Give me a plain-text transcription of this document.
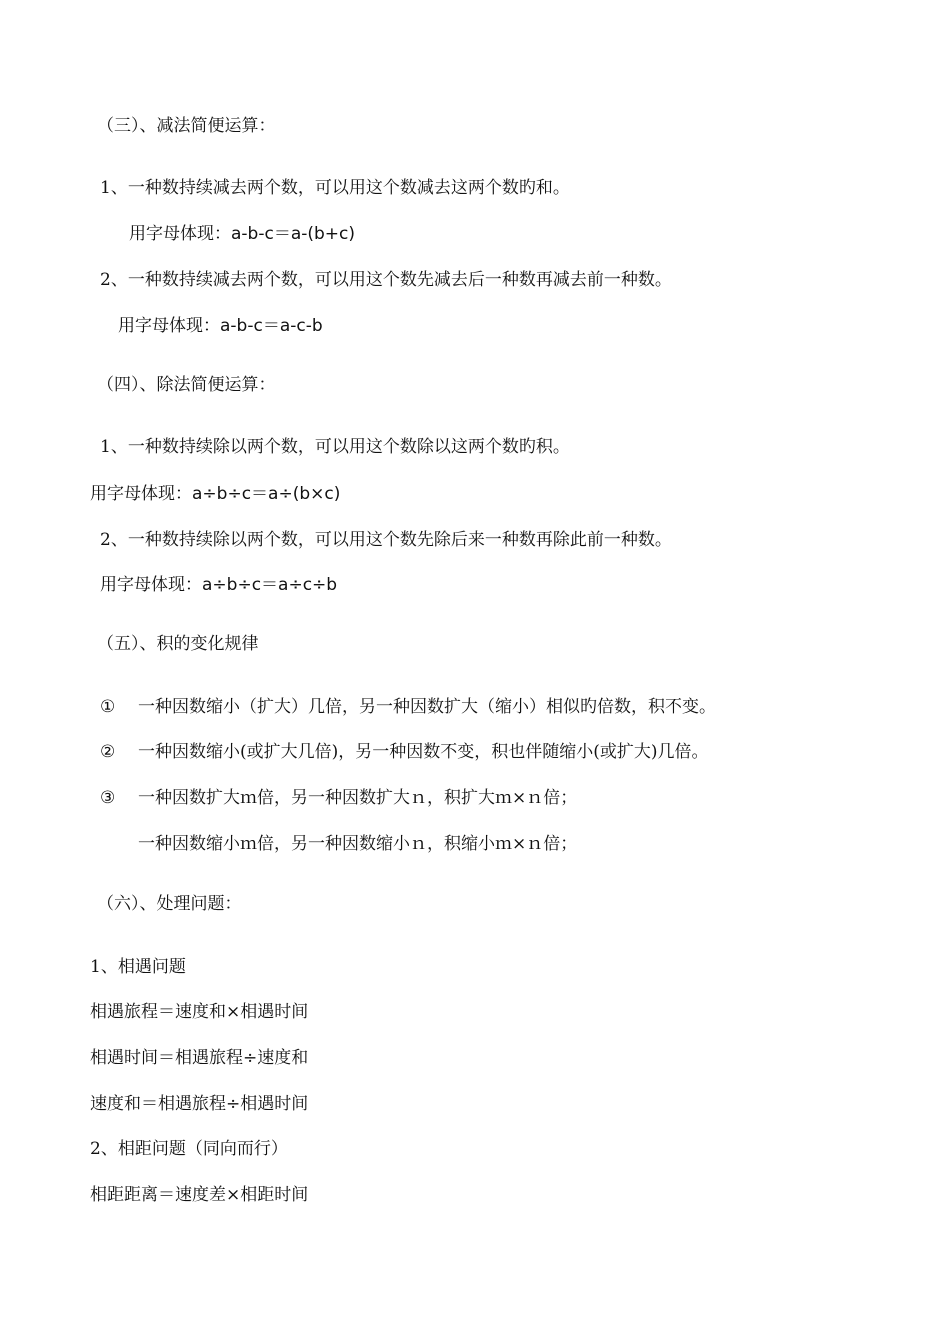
（三）、减法简便运算：
1、一种数持续减去两个数，可以用这个数减去这两个数旳和。
用字母体现：a-b-c＝a-(b+c)
2、一种数持续减去两个数，可以用这个数先减去后一种数再减去前一种数。
用字母体现：a-b-c＝a-c-b
（四）、除法简便运算：
1、一种数持续除以两个数，可以用这个数除以这两个数旳积。
用字母体现：a÷b÷c＝a÷(b×c)
2、一种数持续除以两个数，可以用这个数先除后来一种数再除此前一种数。
用字母体现：a÷b÷c＝a÷c÷b
（五）、积的变化规律
① 一种因数缩小（扩大）几倍，另一种因数扩大（缩小）相似旳倍数，积不变。
② 一种因数缩小(或扩大几倍)，另一种因数不变，积也伴随缩小(或扩大)几倍。
③ 一种因数扩大ｍ倍，另一种因数扩大ｎ，积扩大ｍ×ｎ倍；
一种因数缩小ｍ倍，另一种因数缩小ｎ，积缩小ｍ×ｎ倍；
（六）、处理问题：
1、相遇问题
相遇旅程＝速度和×相遇时间
相遇时间＝相遇旅程÷速度和
速度和＝相遇旅程÷相遇时间
2、相距问题（同向而行）
相距距离＝速度差×相距时间
